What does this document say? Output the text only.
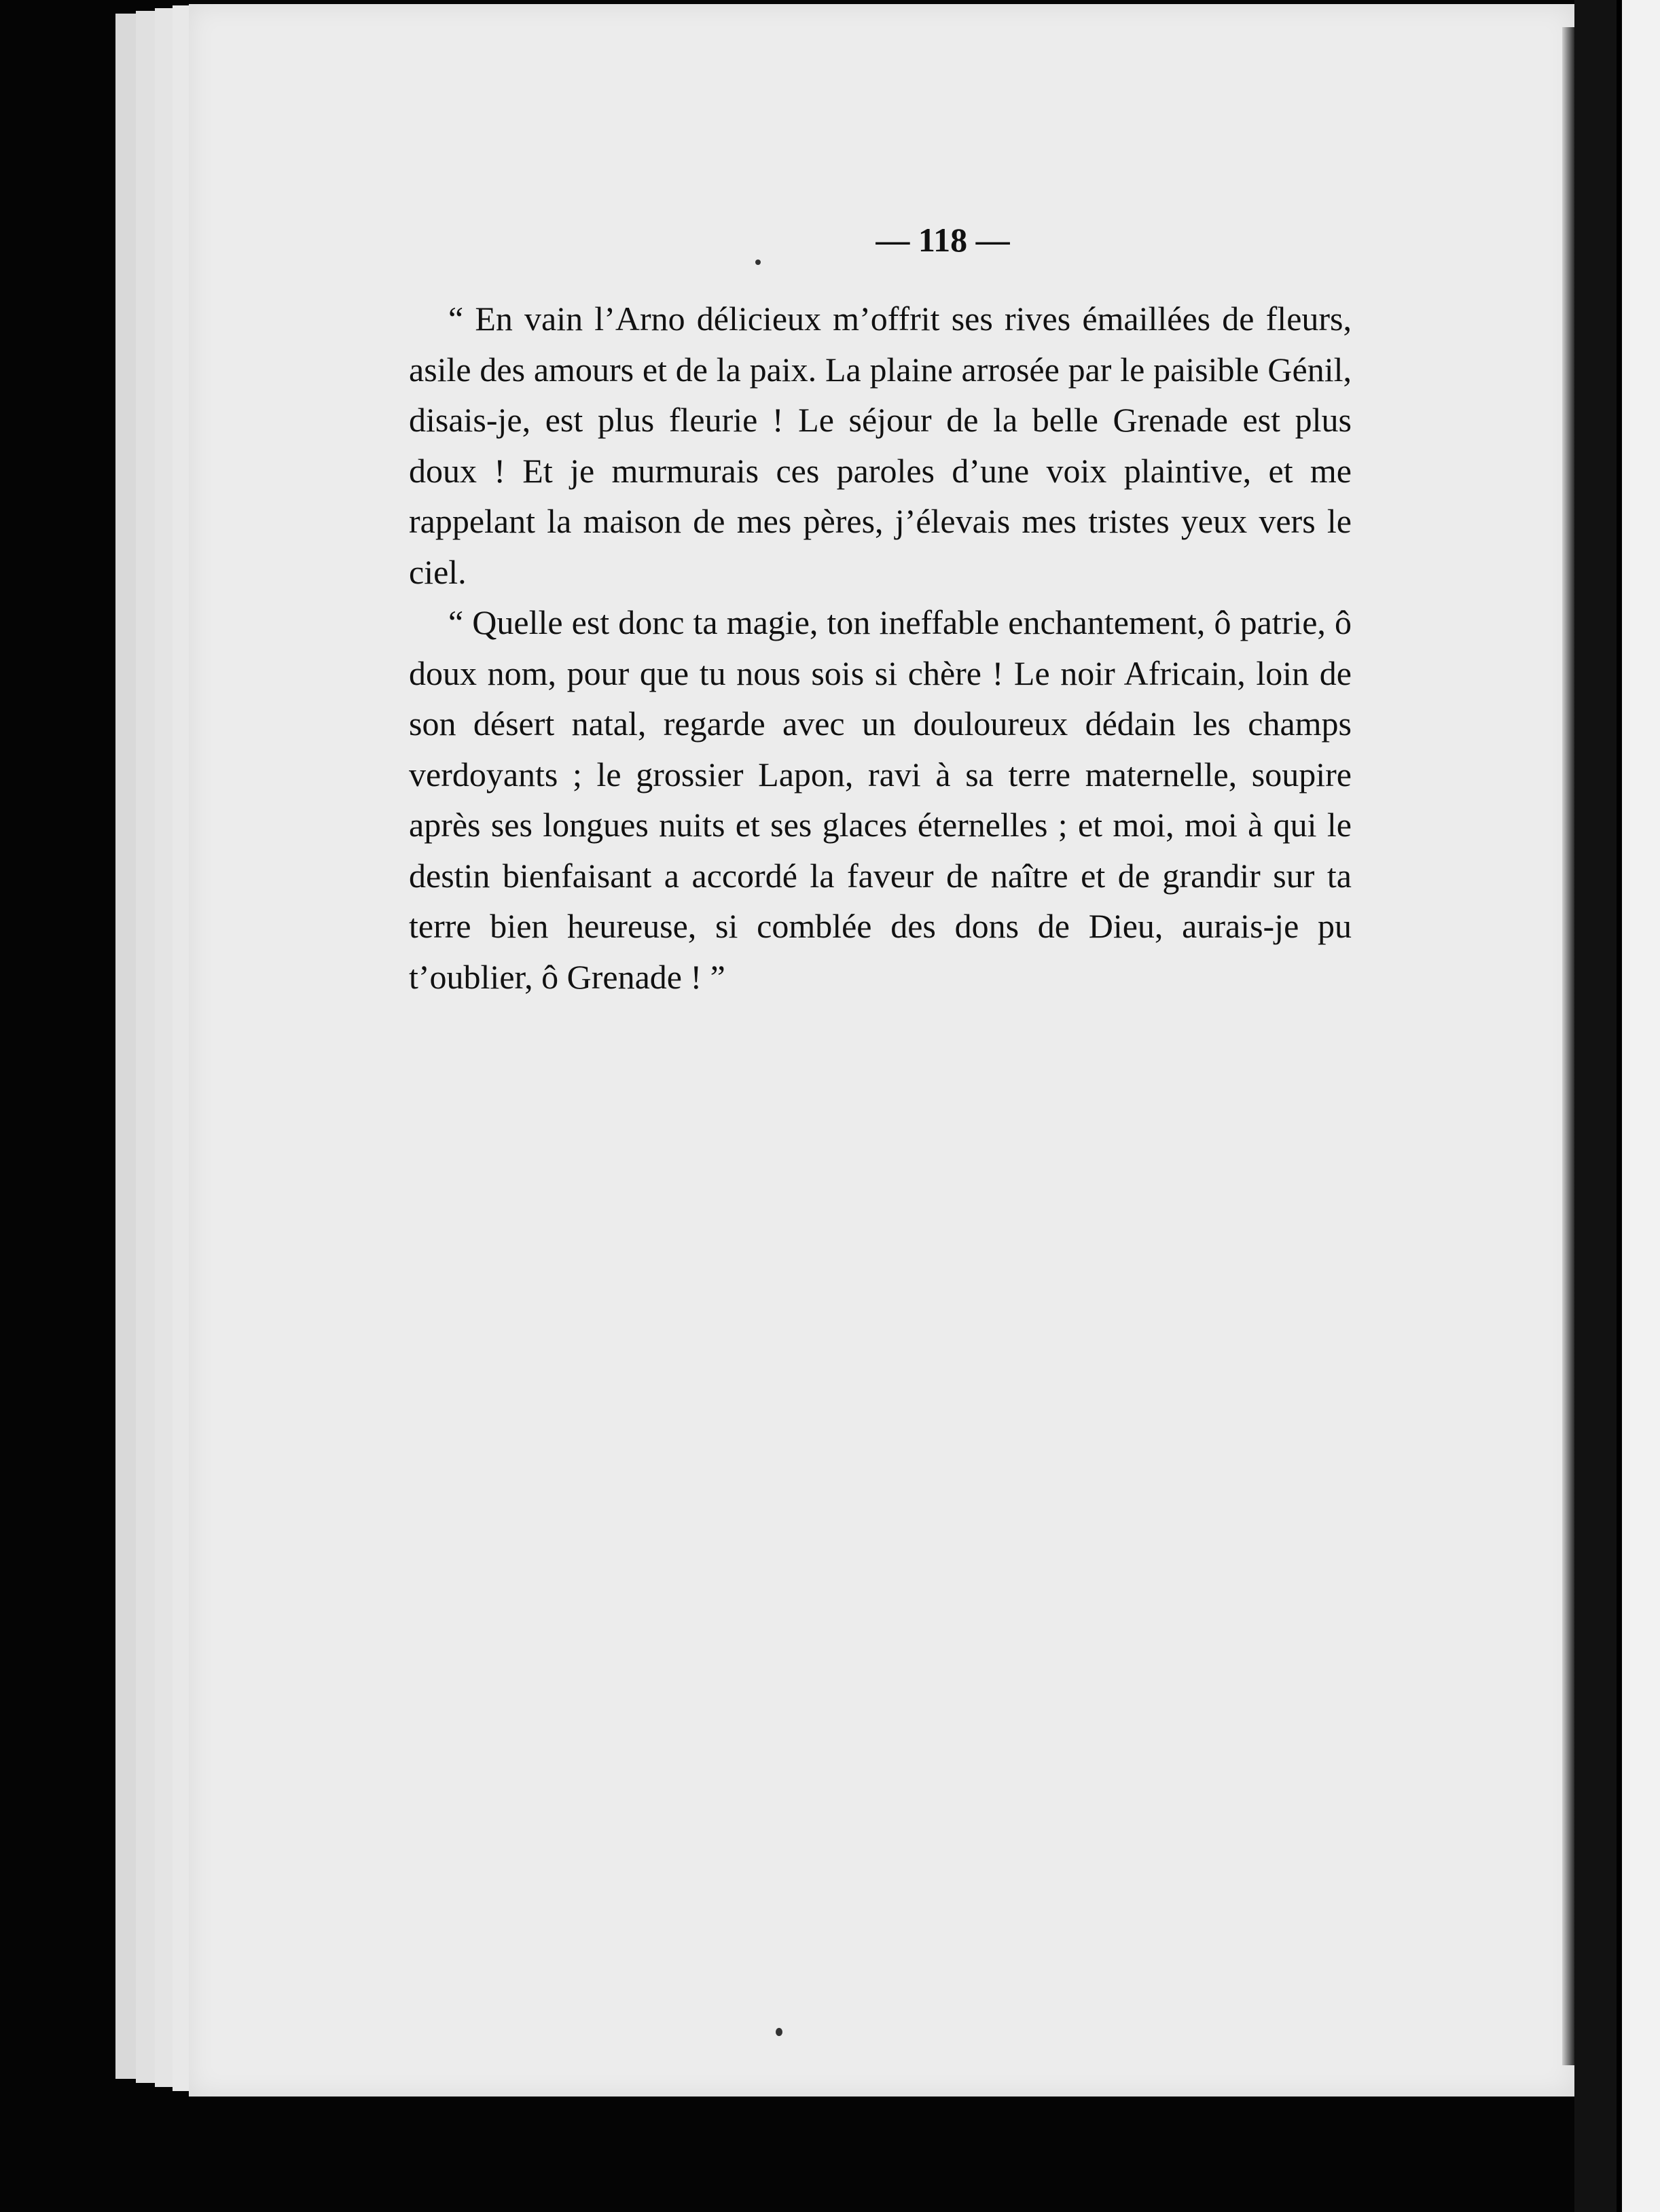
— 118 —

“ En vain l’Arno délicieux m’offrit ses rives émaillées de fleurs, asile des amours et de la paix. La plaine arrosée par le paisible Génil, disais-je, est plus fleurie ! Le séjour de la belle Grenade est plus doux ! Et je murmurais ces paroles d’une voix plaintive, et me rappelant la maison de mes pères, j’élevais mes tristes yeux vers le ciel.

“ Quelle est donc ta magie, ton ineffable enchantement, ô patrie, ô doux nom, pour que tu nous sois si chère ! Le noir Africain, loin de son désert natal, regarde avec un douloureux dédain les champs verdoyants ; le grossier Lapon, ravi à sa terre maternelle, soupire après ses longues nuits et ses glaces éternelles ; et moi, moi à qui le destin bienfaisant a accordé la faveur de naître et de grandir sur ta terre bien heureuse, si comblée des dons de Dieu, aurais-je pu t’oublier, ô Grenade ! ”
